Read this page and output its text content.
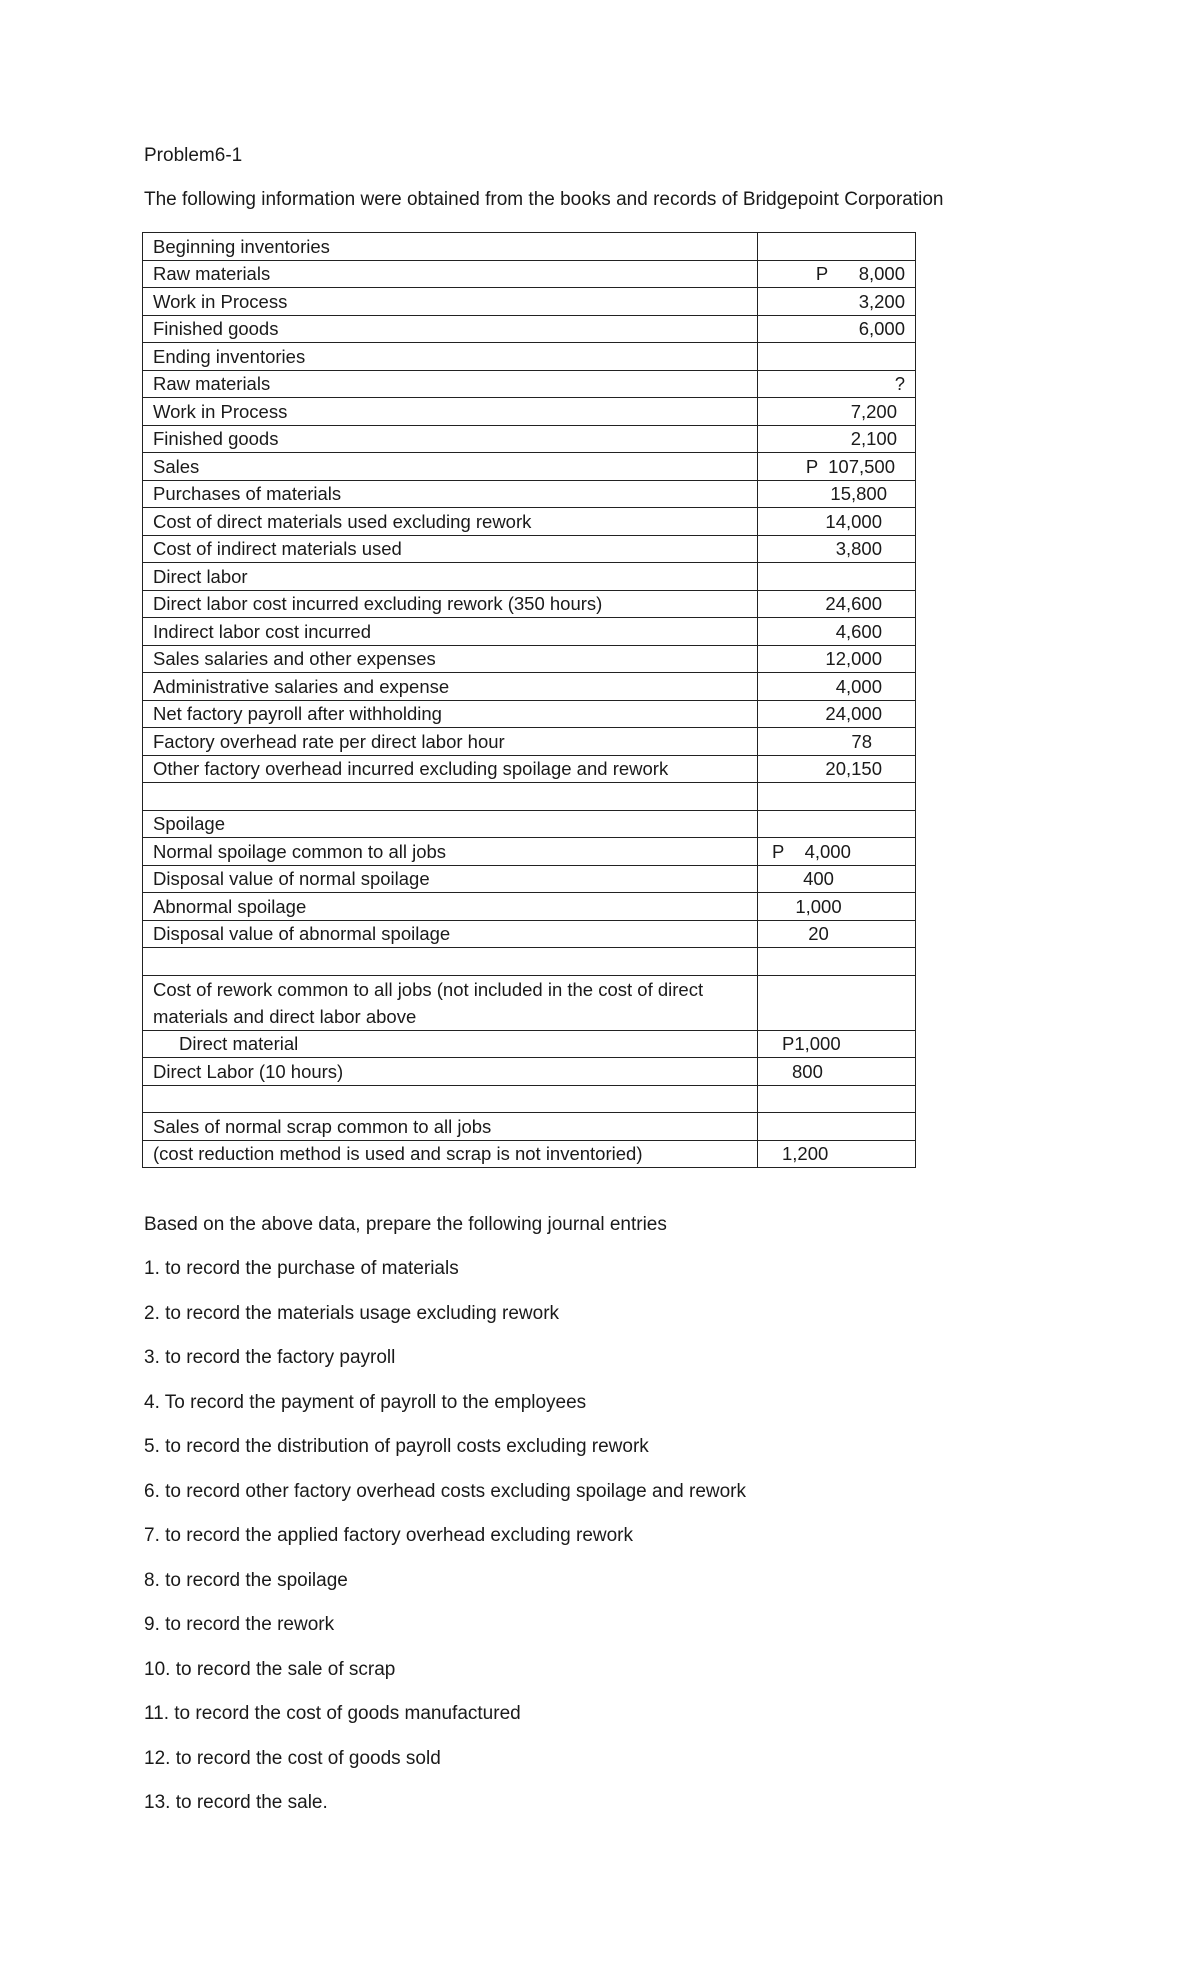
Problem6-1

The following information were obtained from the books and records of Bridgepoint Corporation

Beginning inventories	
Raw materials	P      8,000
Work in Process	3,200
Finished goods	6,000
Ending inventories	
Raw materials	?
Work in Process	7,200
Finished goods	2,100
Sales	P  107,500
Purchases of materials	15,800
Cost of direct materials used excluding rework	14,000
Cost of indirect materials used	3,800
Direct labor	
Direct labor cost incurred excluding rework (350 hours)	24,600
Indirect labor cost incurred	4,600
Sales salaries and other expenses	12,000
Administrative salaries and expense	4,000
Net factory payroll after withholding	24,000
Factory overhead rate per direct labor hour	78
Other factory overhead incurred excluding spoilage and rework	20,150

Spoilage	
Normal spoilage common to all jobs	P    4,000
Disposal value of normal spoilage	400
Abnormal spoilage	1,000
Disposal value of abnormal spoilage	20

Cost of rework common to all jobs (not included in the cost of direct materials and direct labor above	
Direct material	P1,000
Direct Labor (10 hours)	800

Sales of normal scrap common to all jobs	
(cost reduction method is used and scrap is not inventoried)	1,200

Based on the above data, prepare the following journal entries

1. to record the purchase of materials
2. to record the materials usage excluding rework
3. to record the factory payroll
4. To record the payment of payroll to the employees
5. to record the distribution of payroll costs excluding rework
6. to record other factory overhead costs excluding spoilage and rework
7. to record the applied factory overhead excluding rework
8. to record the spoilage
9. to record the rework
10. to record the sale of scrap
11. to record the cost of goods manufactured
12. to record the cost of goods sold
13. to record the sale.
